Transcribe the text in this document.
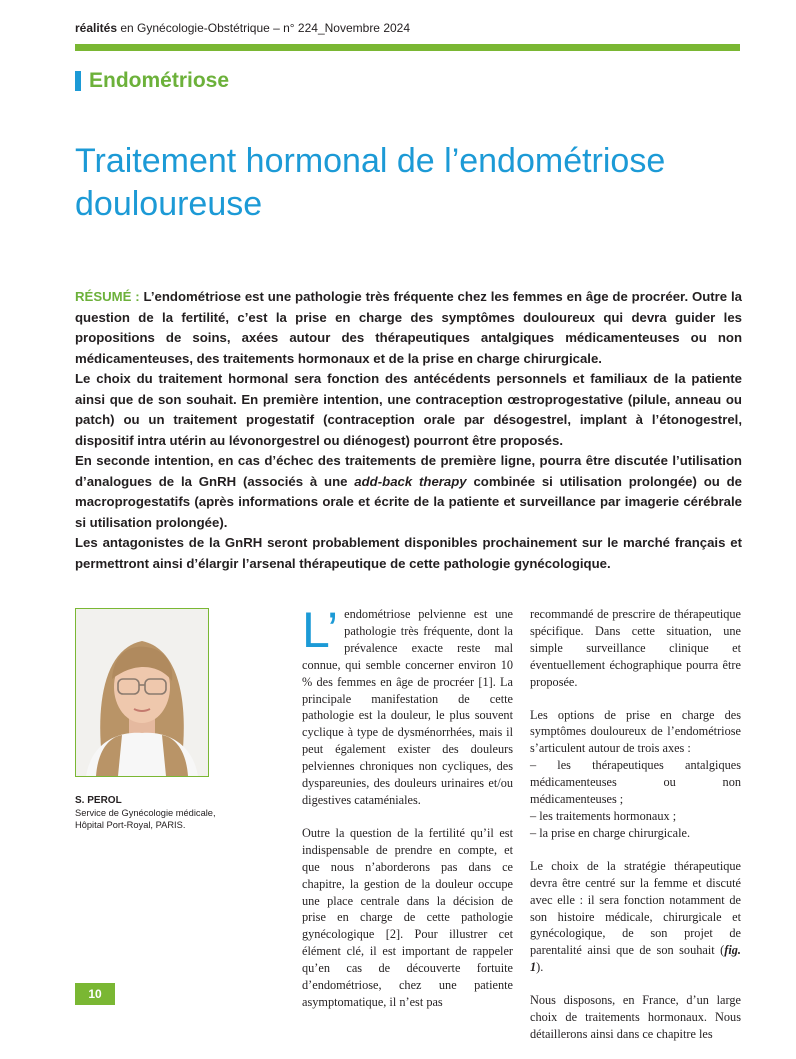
réalités en Gynécologie-Obstétrique – n° 224_Novembre 2024
Endométriose
Traitement hormonal de l’endométriose douloureuse

RÉSUMÉ : L’endométriose est une pathologie très fréquente chez les femmes en âge de procréer. Outre la question de la fertilité, c’est la prise en charge des symptômes douloureux qui devra guider les propositions de soins, axées autour des thérapeutiques antalgiques médicamenteuses ou non médicamenteuses, des traitements hormonaux et de la prise en charge chirurgicale.

Le choix du traitement hormonal sera fonction des antécédents personnels et familiaux de la patiente ainsi que de son souhait. En première intention, une contraception œstroprogestative (pilule, anneau ou patch) ou un traitement progestatif (contraception orale par désogestrel, implant à l’étonogestrel, dispositif intra utérin au lévonorgestrel ou diénogest) pourront être proposés.

En seconde intention, en cas d’échec des traitements de première ligne, pourra être discutée l’utilisation d’analogues de la GnRH (associés à une add-back therapy combinée si utilisation prolongée) ou de macroprogestatifs (après informations orale et écrite de la patiente et surveillance par imagerie cérébrale si utilisation prolongée).

Les antagonistes de la GnRH seront probablement disponibles prochainement sur le marché français et permettront ainsi d’élargir l’arsenal thérapeutique de cette pathologie gynécologique.

S. PEROL
Service de Gynécologie médicale,
Hôpital Port-Royal, PARIS.

L’ endométriose pelvienne est une pathologie très fréquente, dont la prévalence exacte reste mal connue, qui semble concerner environ 10 % des femmes en âge de procréer [1]. La principale manifestation de cette pathologie est la douleur, le plus souvent cyclique à type de dysménorrhées, mais il peut également exister des douleurs pelviennes chroniques non cycliques, des dyspareunies, des douleurs urinaires et/ou digestives cataméniales.

Outre la question de la fertilité qu’il est indispensable de prendre en compte, et que nous n’aborderons pas dans ce chapitre, la gestion de la douleur occupe une place centrale dans la décision de prise en charge de cette pathologie gynécologique [2]. Pour illustrer cet élément clé, il est important de rappeler qu’en cas de découverte fortuite d’endométriose, chez une patiente asymptomatique, il n’est pas

recommandé de prescrire de thérapeutique spécifique. Dans cette situation, une simple surveillance clinique et éventuellement échographique pourra être proposée.

Les options de prise en charge des symptômes douloureux de l’endométriose s’articulent autour de trois axes :

– les thérapeutiques antalgiques médicamenteuses ou non médicamenteuses ;

– les traitements hormonaux ;

– la prise en charge chirurgicale.

Le choix de la stratégie thérapeutique devra être centré sur la femme et discuté avec elle : il sera fonction notamment de son histoire médicale, chirurgicale et gynécologique, de son projet de parentalité ainsi que de son souhait (fig. 1).

Nous disposons, en France, d’un large choix de traitements hormonaux. Nous détaillerons ainsi dans ce chapitre les

10
